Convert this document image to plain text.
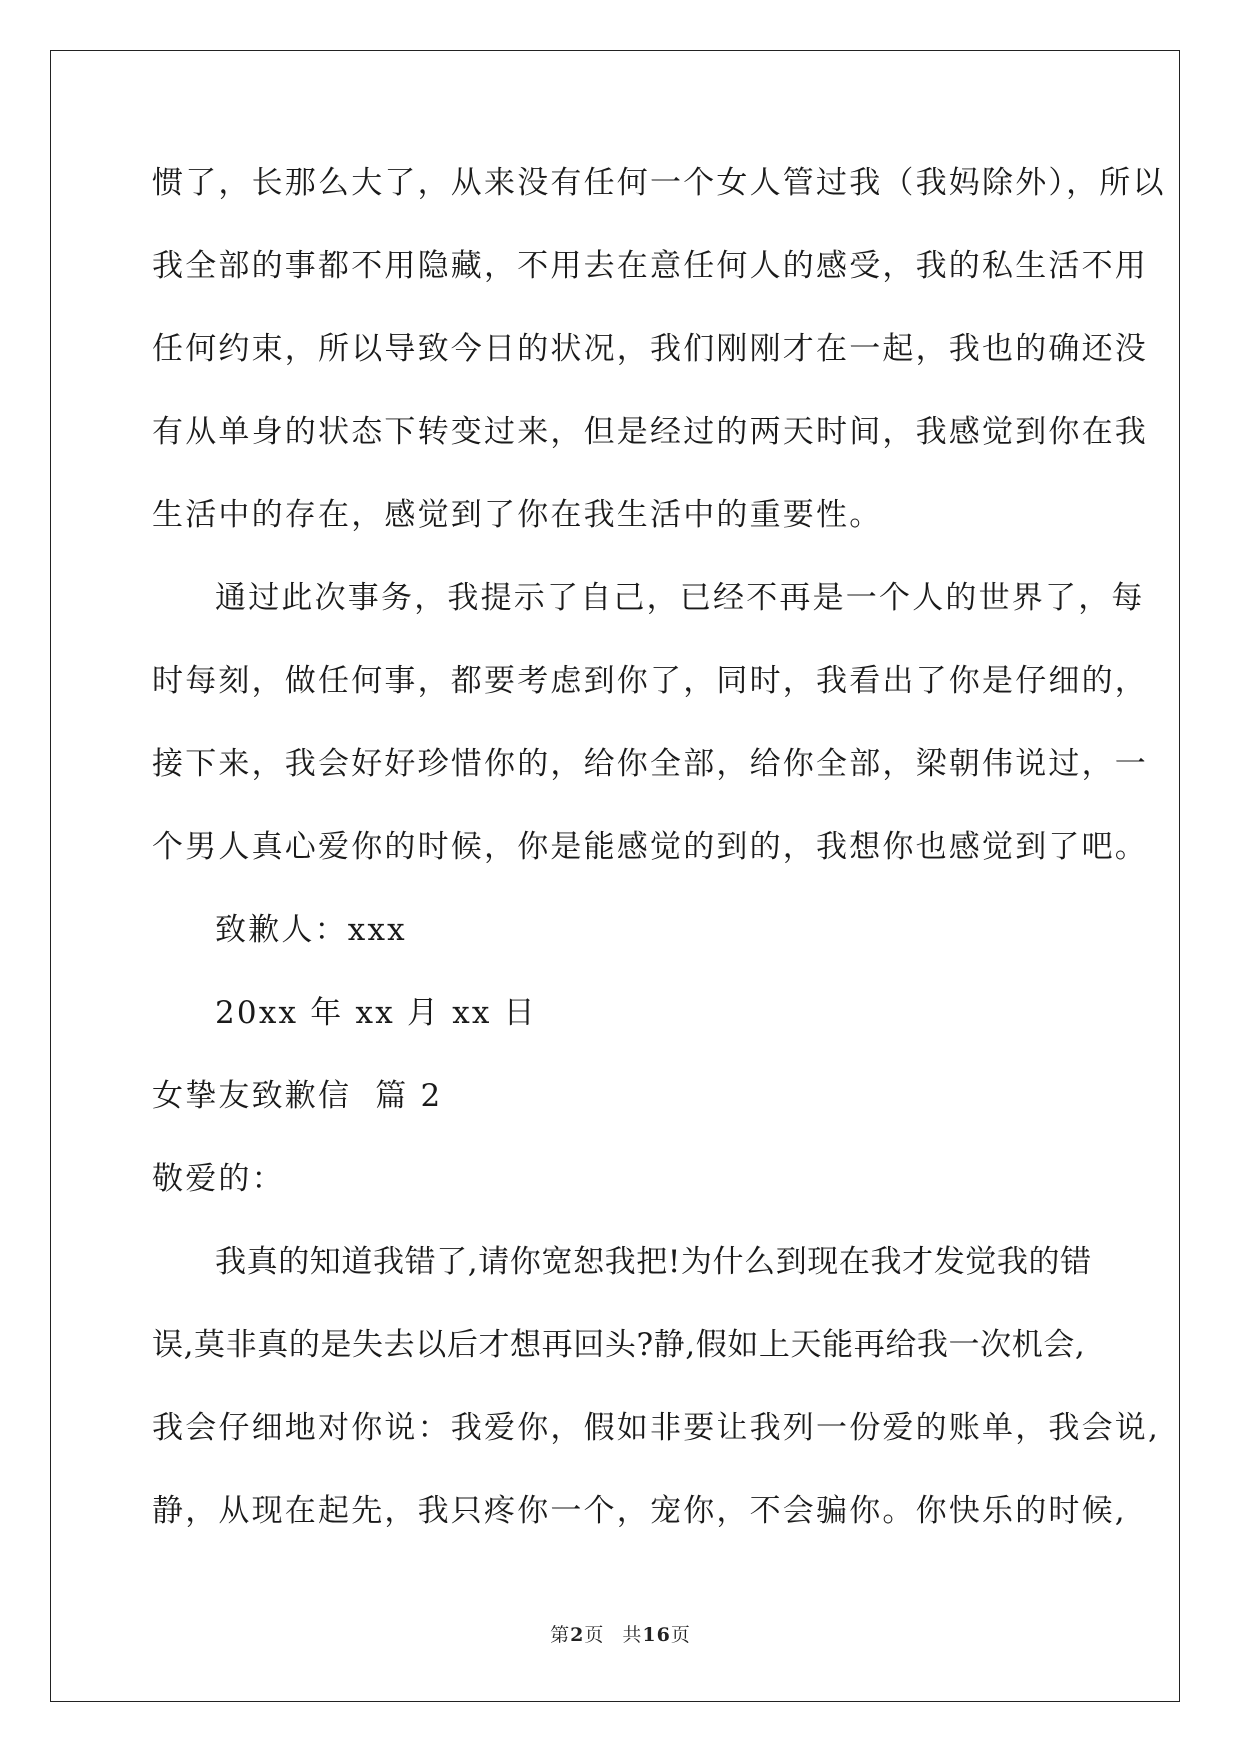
惯了，长那么大了，从来没有任何一个女人管过我（我妈除外），所以
我全部的事都不用隐藏，不用去在意任何人的感受，我的私生活不用
任何约束，所以导致今日的状况，我们刚刚才在一起，我也的确还没
有从单身的状态下转变过来，但是经过的两天时间，我感觉到你在我
生活中的存在，感觉到了你在我生活中的重要性。
通过此次事务，我提示了自己，已经不再是一个人的世界了，每
时每刻，做任何事，都要考虑到你了，同时，我看出了你是仔细的，
接下来，我会好好珍惜你的，给你全部，给你全部，梁朝伟说过，一
个男人真心爱你的时候，你是能感觉的到的，我想你也感觉到了吧。
致歉人：xxx
20xx 年 xx 月 xx 日
女挚友致歉信  篇 2
敬爱的：
我真的知道我错了,请你宽恕我把!为什么到现在我才发觉我的错
误,莫非真的是失去以后才想再回头?静,假如上天能再给我一次机会,
我会仔细地对你说：我爱你，假如非要让我列一份爱的账单，我会说,
静，从现在起先，我只疼你一个，宠你，不会骗你。你快乐的时候,
第2页 共16页
